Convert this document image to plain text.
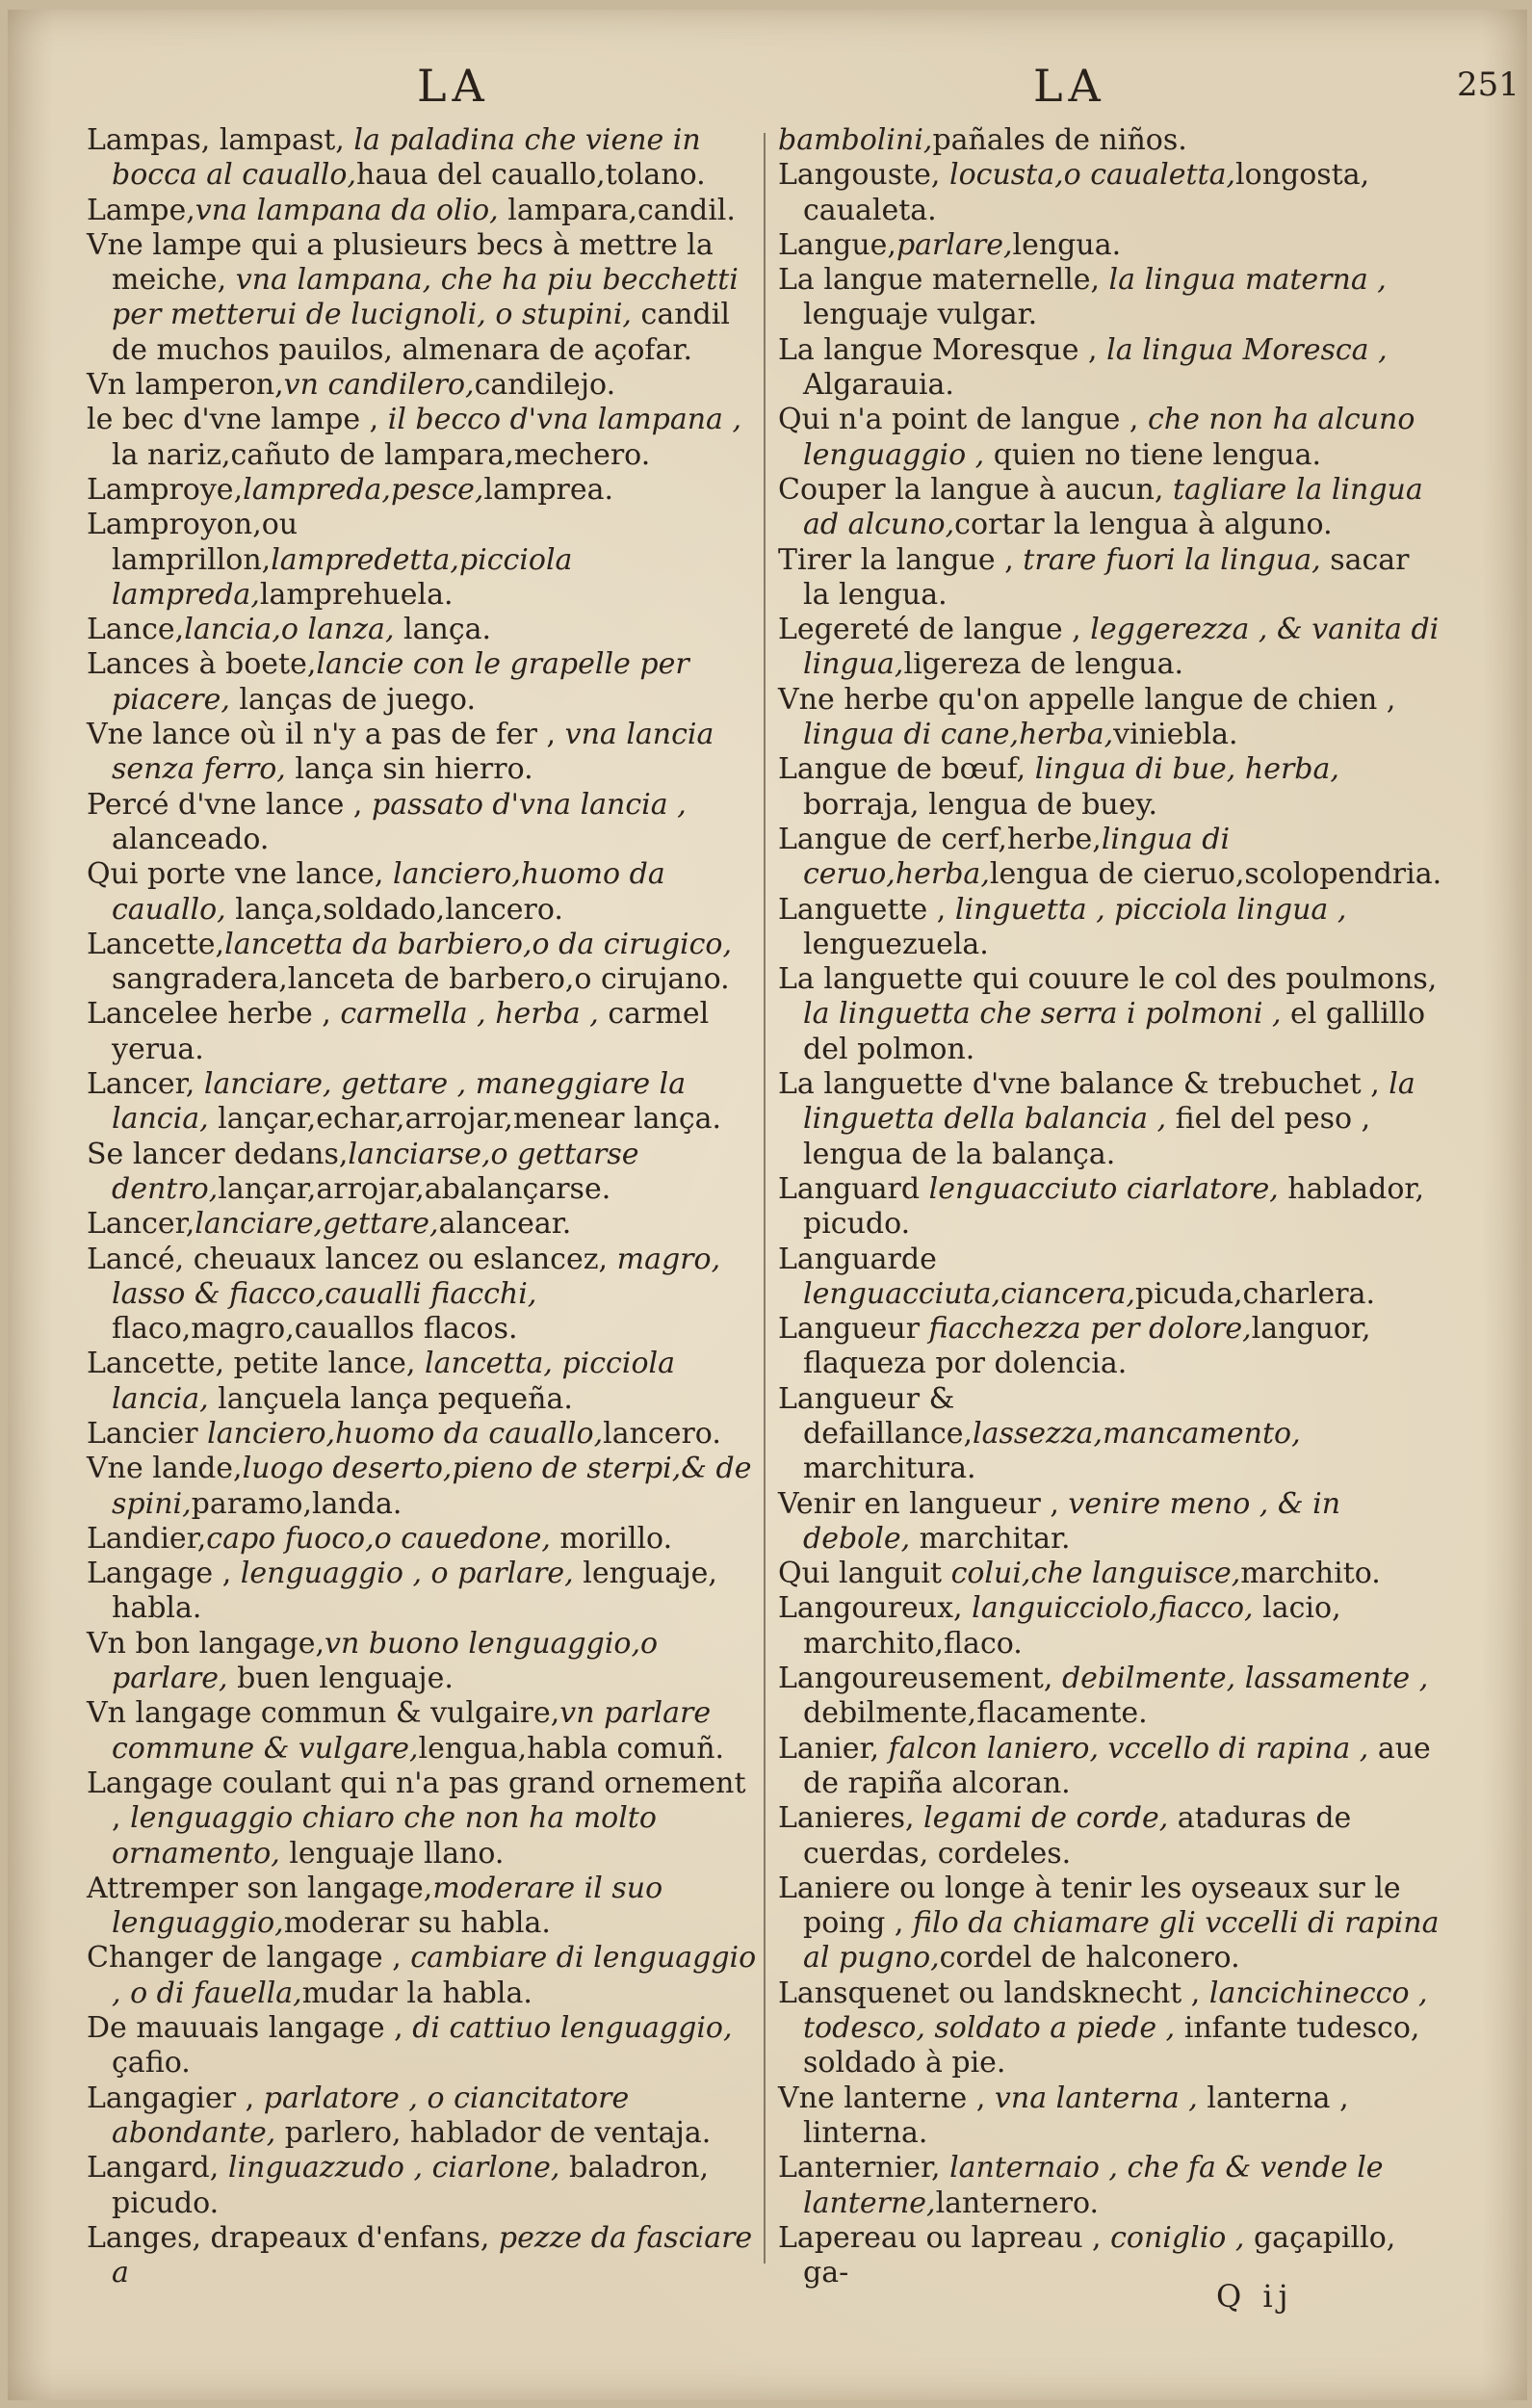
LA	LA	251

Lampas, lampast, la paladina che viene in bocca al cauallo,haua del cauallo,tolano.

Lampe,vna lampana da olio, lampara,candil.

Vne lampe qui a plusieurs becs à mettre la meiche, vna lampana, che ha piu becchetti per metterui de lucignoli, o stupini, candil de muchos pauilos, almenara de açofar.

Vn lamperon,vn candilero,candilejo.

le bec d'vne lampe , il becco d'vna lampana , la nariz,cañuto de lampara,mechero.

Lamproye,lampreda,pesce,lamprea.

Lamproyon,ou lamprillon,lampredetta,picciola lampreda,lamprehuela.

Lance,lancia,o lanza, lança.

Lances à boete,lancie con le grapelle per piacere, lanças de juego.

Vne lance où il n'y a pas de fer , vna lancia senza ferro, lança sin hierro.

Percé d'vne lance , passato d'vna lancia , alanceado.

Qui porte vne lance, lanciero,huomo da cauallo, lança,soldado,lancero.

Lancette,lancetta da barbiero,o da cirugico, sangradera,lanceta de barbero,o cirujano.

Lancelee herbe , carmella , herba , carmel yerua.

Lancer, lanciare, gettare , maneggiare la lancia, lançar,echar,arrojar,menear lança.

Se lancer dedans,lanciarse,o gettarse dentro,lançar,arrojar,abalançarse.

Lancer,lanciare,gettare,alancear.

Lancé, cheuaux lancez ou eslancez, magro, lasso & fiacco,caualli fiacchi, flaco,magro,cauallos flacos.

Lancette, petite lance, lancetta, picciola lancia, lançuela lança pequeña.

Lancier lanciero,huomo da cauallo,lancero.

Vne lande,luogo deserto,pieno de sterpi,& de spini,paramo,landa.

Landier,capo fuoco,o cauedone, morillo.

Langage , lenguaggio , o parlare, lenguaje, habla.

Vn bon langage,vn buono lenguaggio,o parlare, buen lenguaje.

Vn langage commun & vulgaire,vn parlare commune & vulgare,lengua,habla comuñ.

Langage coulant qui n'a pas grand ornement , lenguaggio chiaro che non ha molto ornamento, lenguaje llano.

Attremper son langage,moderare il suo lenguaggio,moderar su habla.

Changer de langage , cambiare di lenguaggio , o di fauella,mudar la habla.

De mauuais langage , di cattiuo lenguaggio, çafio.

Langagier , parlatore , o ciancitatore abondante, parlero, hablador de ventaja.

Langard, linguazzudo , ciarlone, baladron, picudo.

Langes, drapeaux d'enfans, pezze da fasciare a

bambolini,pañales de niños.

Langouste, locusta,o caualetta,longosta, caualeta.

Langue,parlare,lengua.

La langue maternelle, la lingua materna , lenguaje vulgar.

La langue Moresque , la lingua Moresca , Algarauia.

Qui n'a point de langue , che non ha alcuno lenguaggio , quien no tiene lengua.

Couper la langue à aucun, tagliare la lingua ad alcuno,cortar la lengua à alguno.

Tirer la langue , trare fuori la lingua, sacar la lengua.

Legereté de langue , leggerezza , & vanita di lingua,ligereza de lengua.

Vne herbe qu'on appelle langue de chien , lingua di cane,herba,viniebla.

Langue de bœuf, lingua di bue, herba, borraja, lengua de buey.

Langue de cerf,herbe,lingua di ceruo,herba,lengua de cieruo,scolopendria.

Languette , linguetta , picciola lingua , lenguezuela.

La languette qui couure le col des poulmons, la linguetta che serra i polmoni , el gallillo del polmon.

La languette d'vne balance & trebuchet , la linguetta della balancia , fiel del peso , lengua de la balança.

Languard lenguacciuto ciarlatore, hablador, picudo.

Languarde lenguacciuta,ciancera,picuda,charlera.

Langueur fiacchezza per dolore,languor, flaqueza por dolencia.

Langueur & defaillance,lassezza,mancamento, marchitura.

Venir en langueur , venire meno , & in debole, marchitar.

Qui languit colui,che languisce,marchito.

Langoureux, languicciolo,fiacco, lacio, marchito,flaco.

Langoureusement, debilmente, lassamente , debilmente,flacamente.

Lanier, falcon laniero, vccello di rapina , aue de rapiña alcoran.

Lanieres, legami de corde, ataduras de cuerdas, cordeles.

Laniere ou longe à tenir les oyseaux sur le poing , filo da chiamare gli vccelli di rapina al pugno,cordel de halconero.

Lansquenet ou landsknecht , lancichinecco , todesco, soldato a piede , infante tudesco, soldado à pie.

Vne lanterne , vna lanterna , lanterna , linterna.

Lanternier, lanternaio , che fa & vende le lanterne,lanternero.

Lapereau ou lapreau , coniglio , gaçapillo, ga-

Q ij
